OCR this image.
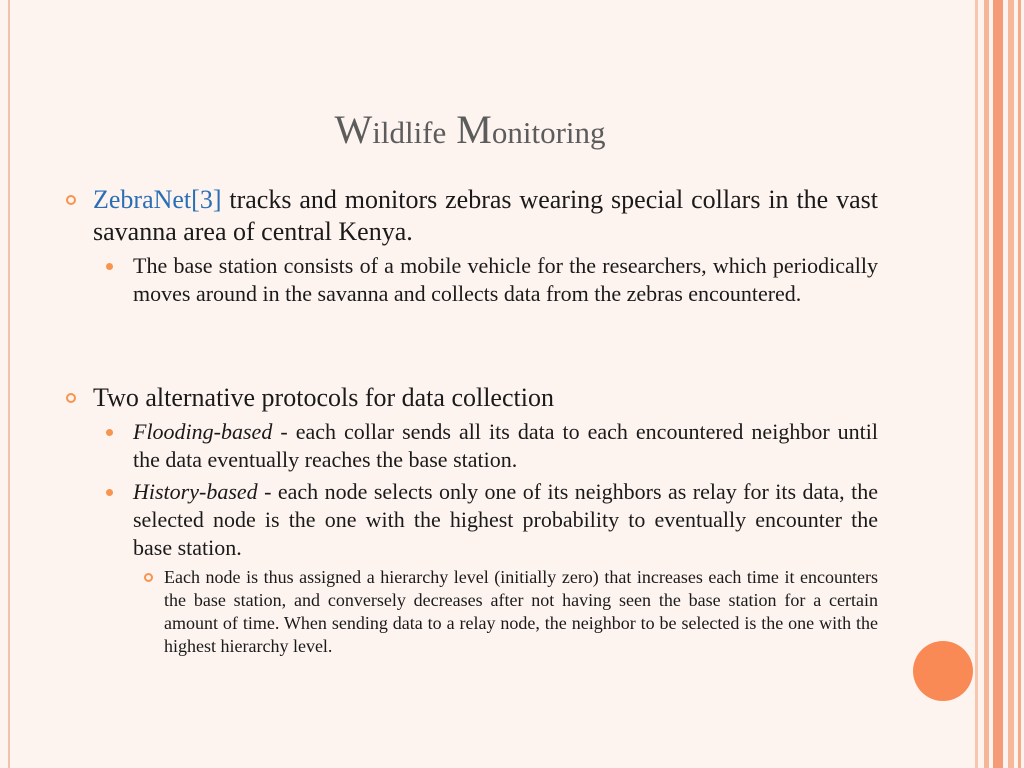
Wildlife Monitoring
ZebraNet[3] tracks and monitors zebras wearing special collars in the vast savanna area of central Kenya.
The base station consists of a mobile vehicle for the researchers, which periodically moves around in the savanna and collects data from the zebras encountered.
Two alternative protocols for data collection
Flooding-based - each collar sends all its data to each encountered neighbor until the data eventually reaches the base station.
History-based - each node selects only one of its neighbors as relay for its data, the selected node is the one with the highest probability to eventually encounter the base station.
Each node is thus assigned a hierarchy level (initially zero) that increases each time it encounters the base station, and conversely decreases after not having seen the base station for a certain amount of time. When sending data to a relay node, the neighbor to be selected is the one with the highest hierarchy level.
